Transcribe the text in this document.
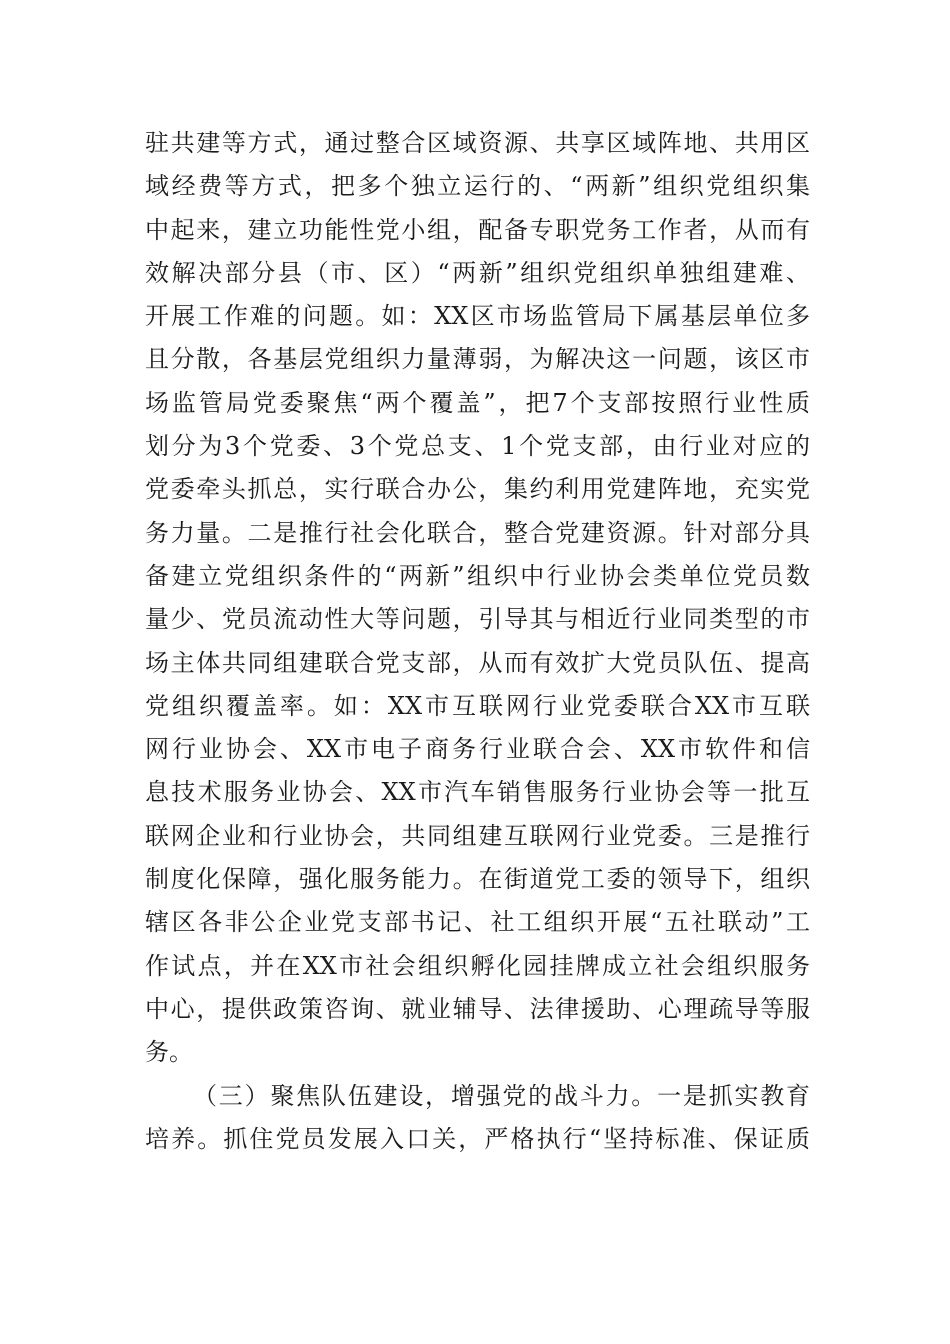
驻共建等方式，通过整合区域资源、共享区域阵地、共用区
域经费等方式，把多个独立运行的、“两新”组织党组织集
中起来，建立功能性党小组，配备专职党务工作者，从而有
效解决部分县（市、区）“两新”组织党组织单独组建难、
开展工作难的问题。如：XX区市场监管局下属基层单位多
且分散，各基层党组织力量薄弱，为解决这一问题，该区市
场监管局党委聚焦“两个覆盖”，把7个支部按照行业性质
划分为3个党委、3个党总支、1个党支部，由行业对应的
党委牵头抓总，实行联合办公，集约利用党建阵地，充实党
务力量。二是推行社会化联合，整合党建资源。针对部分具
备建立党组织条件的“两新”组织中行业协会类单位党员数
量少、党员流动性大等问题，引导其与相近行业同类型的市
场主体共同组建联合党支部，从而有效扩大党员队伍、提高
党组织覆盖率。如：XX市互联网行业党委联合XX市互联
网行业协会、XX市电子商务行业联合会、XX市软件和信
息技术服务业协会、XX市汽车销售服务行业协会等一批互
联网企业和行业协会，共同组建互联网行业党委。三是推行
制度化保障，强化服务能力。在街道党工委的领导下，组织
辖区各非公企业党支部书记、社工组织开展“五社联动”工
作试点，并在XX市社会组织孵化园挂牌成立社会组织服务
中心，提供政策咨询、就业辅导、法律援助、心理疏导等服
务。
（三）聚焦队伍建设，增强党的战斗力。一是抓实教育
培养。抓住党员发展入口关，严格执行“坚持标准、保证质
